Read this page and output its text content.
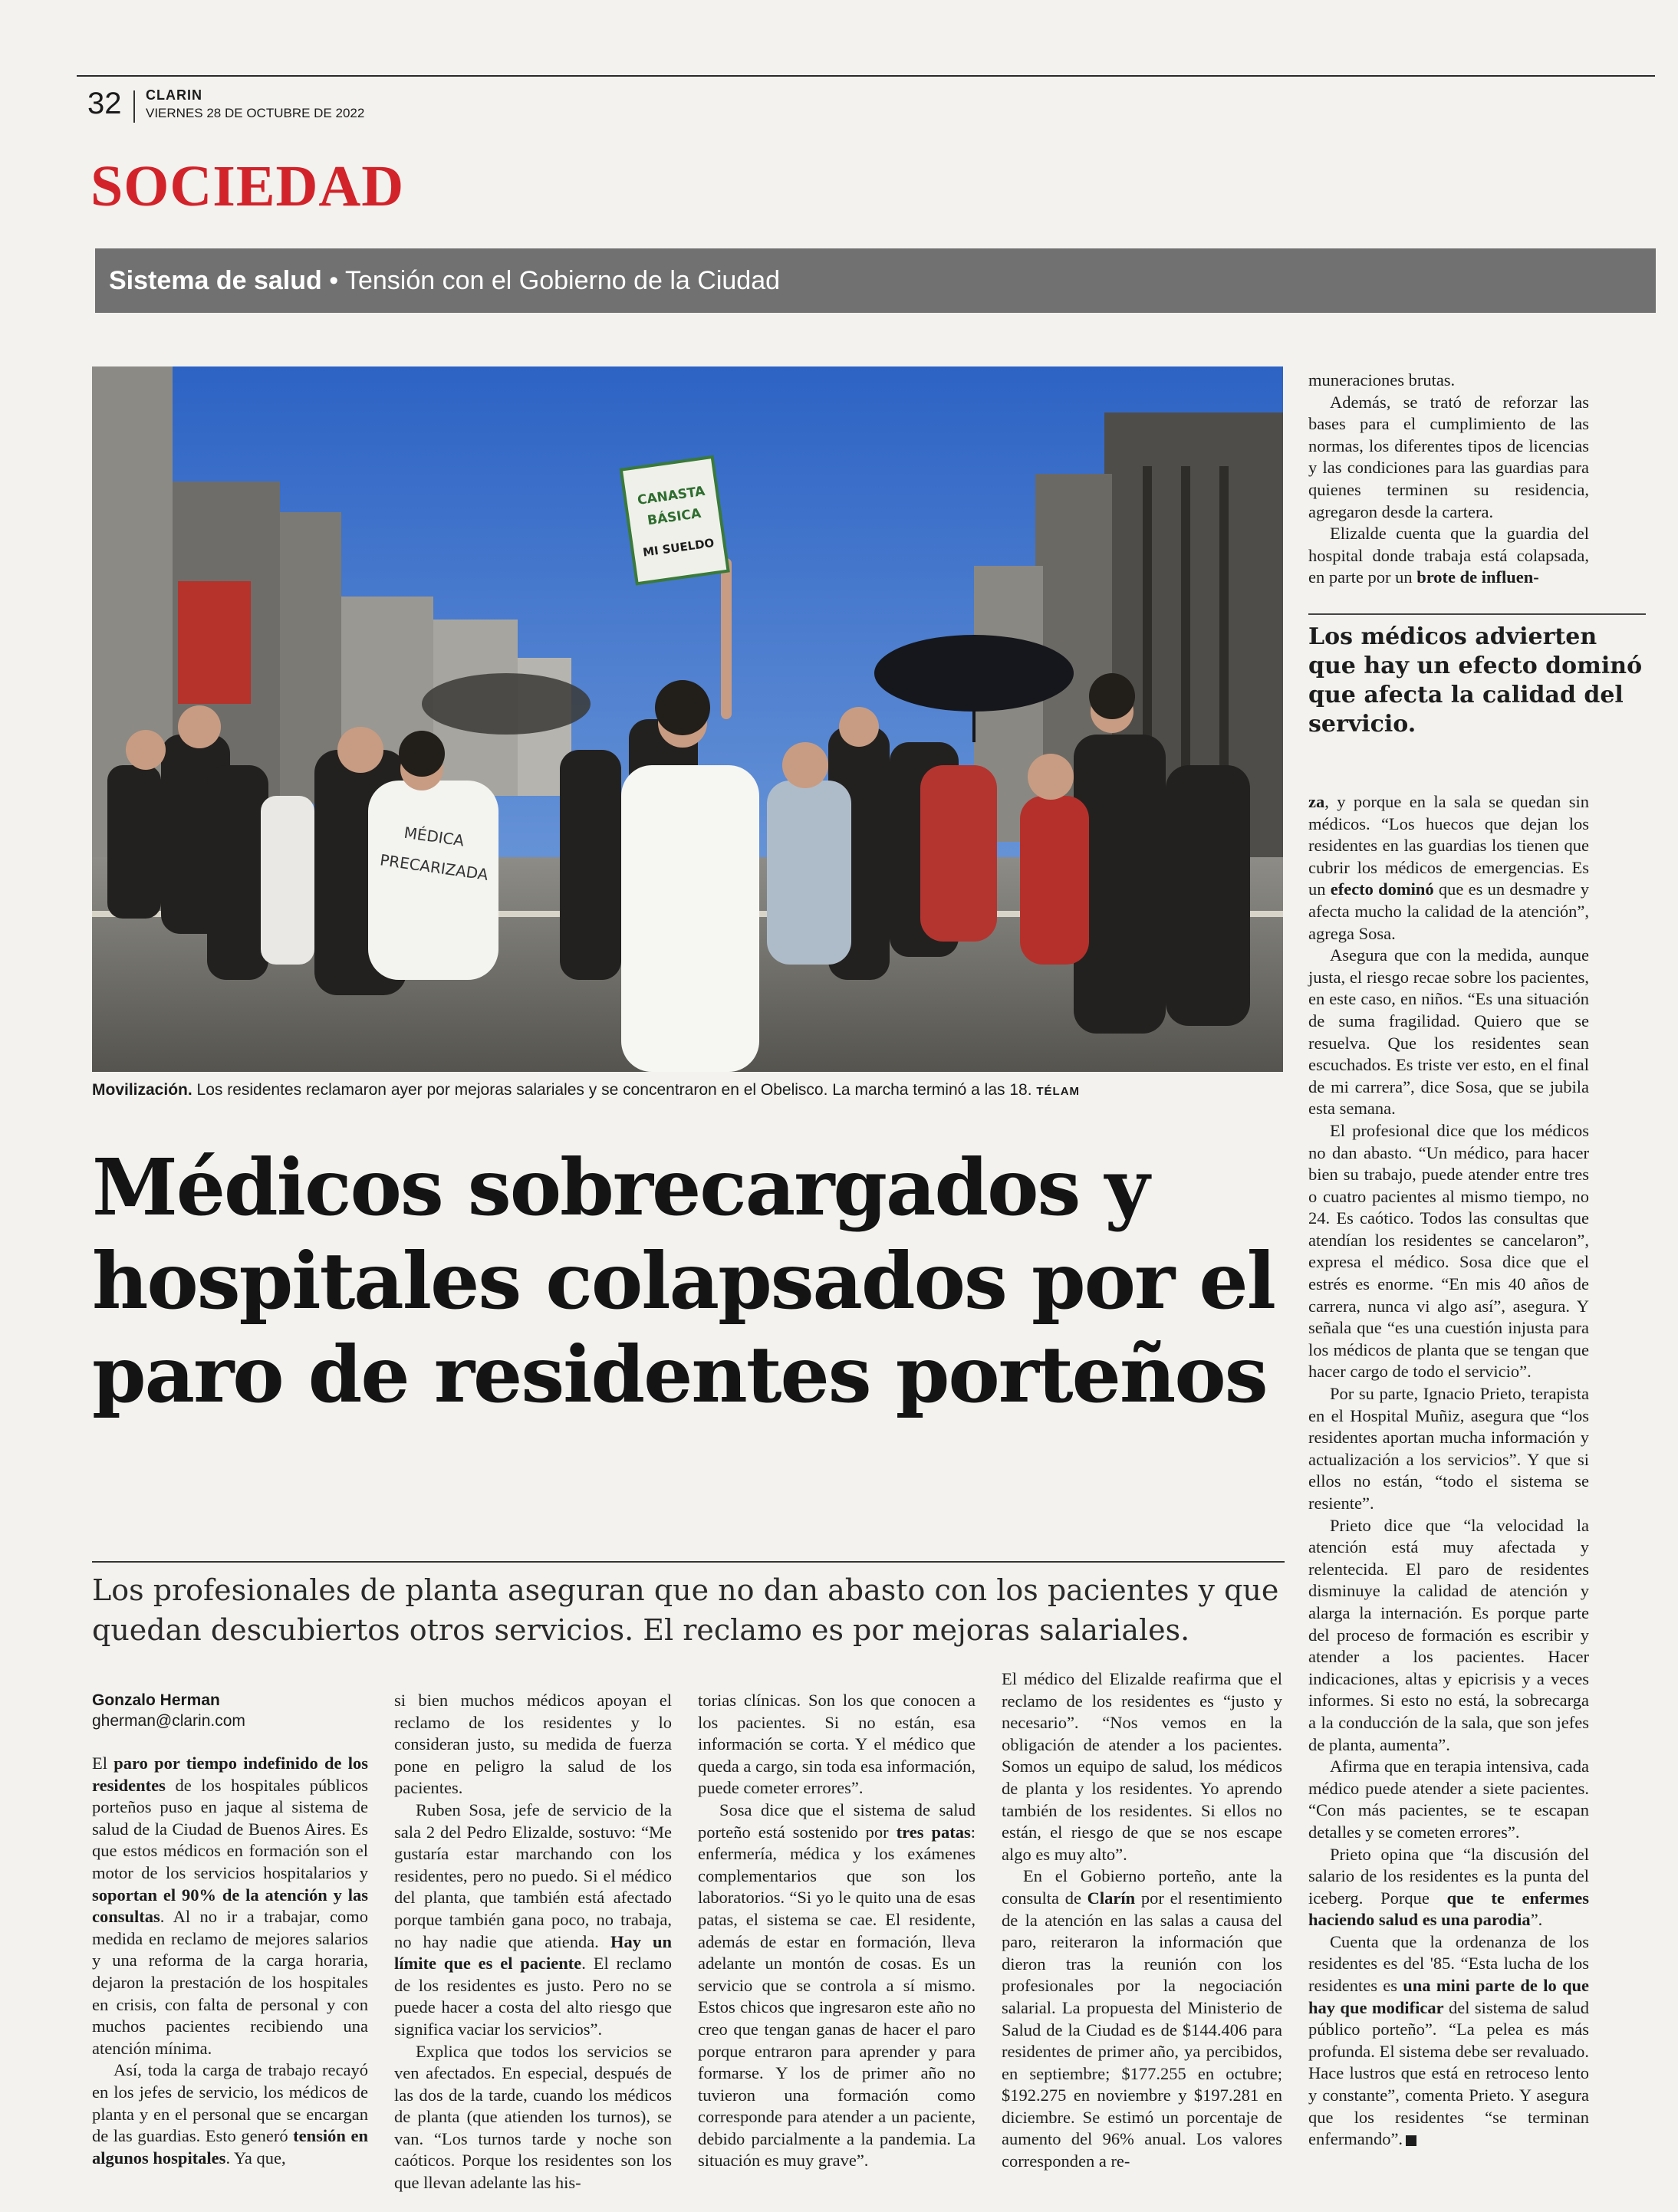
32 CLARIN
VIERNES 28 DE OCTUBRE DE 2022
SOCIEDAD
Sistema de salud • Tensión con el Gobierno de la Ciudad
CANASTA
BÁSICA
MI SUELDO
MÉDICA
PRECARIZADA
Movilización. Los residentes reclamaron ayer por mejoras salariales y se concentraron en el Obelisco. La marcha terminó a las 18. TÉLAM
Médicos sobrecargados y hospitales colapsados por el paro de residentes porteños
Los profesionales de planta aseguran que no dan abasto con los pacientes y que quedan descubiertos otros servicios. El reclamo es por mejoras salariales.
Gonzalo Herman
gherman@clarin.com

El paro por tiempo indefinido de los residentes de los hospitales públicos porteños puso en jaque al sistema de salud de la Ciudad de Buenos Aires. Es que estos médicos en formación son el motor de los servicios hospitalarios y soportan el 90% de la atención y las consultas. Al no ir a trabajar, como medida en reclamo de mejores salarios y una reforma de la carga horaria, dejaron la prestación de los hospitales en crisis, con falta de personal y con muchos pacientes recibiendo una atención mínima.

Así, toda la carga de trabajo recayó en los jefes de servicio, los médicos de planta y en el personal que se encargan de las guardias. Esto generó tensión en algunos hospitales. Ya que,

si bien muchos médicos apoyan el reclamo de los residentes y lo consideran justo, su medida de fuerza pone en peligro la salud de los pacientes.

Ruben Sosa, jefe de servicio de la sala 2 del Pedro Elizalde, sostuvo: “Me gustaría estar marchando con los residentes, pero no puedo. Si el médico del planta, que también está afectado porque también gana poco, no trabaja, no hay nadie que atienda. Hay un límite que es el paciente. El reclamo de los residentes es justo. Pero no se puede hacer a costa del alto riesgo que significa vaciar los servicios”.

Explica que todos los servicios se ven afectados. En especial, después de las dos de la tarde, cuando los médicos de planta (que atienden los turnos), se van. “Los turnos tarde y noche son caóticos. Porque los residentes son los que llevan adelante las his-

torias clínicas. Son los que conocen a los pacientes. Si no están, esa información se corta. Y el médico que queda a cargo, sin toda esa información, puede cometer errores”.

Sosa dice que el sistema de salud porteño está sostenido por tres patas: enfermería, médica y los exámenes complementarios que son los laboratorios. “Si yo le quito una de esas patas, el sistema se cae. El residente, además de estar en formación, lleva adelante un montón de cosas. Es un servicio que se controla a sí mismo. Estos chicos que ingresaron este año no creo que tengan ganas de hacer el paro porque entraron para aprender y para formarse. Y los de primer año no tuvieron una formación como corresponde para atender a un paciente, debido parcialmente a la pandemia. La situación es muy grave”.

El médico del Elizalde reafirma que el reclamo de los residentes es “justo y necesario”. “Nos vemos en la obligación de atender a los pacientes. Somos un equipo de salud, los médicos de planta y los residentes. Yo aprendo también de los residentes. Si ellos no están, el riesgo de que se nos escape algo es muy alto”.

En el Gobierno porteño, ante la consulta de Clarín por el resentimiento de la atención en las salas a causa del paro, reiteraron la información que dieron tras la reunión con los profesionales por la negociación salarial. La propuesta del Ministerio de Salud de la Ciudad es de $144.406 para residentes de primer año, ya percibidos, en septiembre; $177.255 en octubre; $192.275 en noviembre y $197.281 en diciembre. Se estimó un porcentaje de aumento del 96% anual. Los valores corresponden a re-

muneraciones brutas.

Además, se trató de reforzar las bases para el cumplimiento de las normas, los diferentes tipos de licencias y las condiciones para las guardias para quienes terminen su residencia, agregaron desde la cartera.

Elizalde cuenta que la guardia del hospital donde trabaja está colapsada, en parte por un brote de influen-

Los médicos advierten que hay un efecto dominó que afecta la calidad del servicio.

za, y porque en la sala se quedan sin médicos. “Los huecos que dejan los residentes en las guardias los tienen que cubrir los médicos de emergencias. Es un efecto dominó que es un desmadre y afecta mucho la calidad de la atención”, agrega Sosa.

Asegura que con la medida, aunque justa, el riesgo recae sobre los pacientes, en este caso, en niños. “Es una situación de suma fragilidad. Quiero que se resuelva. Que los residentes sean escuchados. Es triste ver esto, en el final de mi carrera”, dice Sosa, que se jubila esta semana.

El profesional dice que los médicos no dan abasto. “Un médico, para hacer bien su trabajo, puede atender entre tres o cuatro pacientes al mismo tiempo, no 24. Es caótico. Todos las consultas que atendían los residentes se cancelaron”, expresa el médico. Sosa dice que el estrés es enorme. “En mis 40 años de carrera, nunca vi algo así”, asegura. Y señala que “es una cuestión injusta para los médicos de planta que se tengan que hacer cargo de todo el servicio”.

Por su parte, Ignacio Prieto, terapista en el Hospital Muñiz, asegura que “los residentes aportan mucha información y actualización a los servicios”. Y que si ellos no están, “todo el sistema se resiente”.

Prieto dice que “la velocidad la atención está muy afectada y relentecida. El paro de residentes disminuye la calidad de atención y alarga la internación. Es porque parte del proceso de formación es escribir y atender a los pacientes. Hacer indicaciones, altas y epicrisis y a veces informes. Si esto no está, la sobrecarga a la conducción de la sala, que son jefes de planta, aumenta”.

Afirma que en terapia intensiva, cada médico puede atender a siete pacientes. “Con más pacientes, se te escapan detalles y se cometen errores”.

Prieto opina que “la discusión del salario de los residentes es la punta del iceberg. Porque que te enfermes haciendo salud es una parodia”.

Cuenta que la ordenanza de los residentes es del '85. “Esta lucha de los residentes es una mini parte de lo que hay que modificar del sistema de salud público porteño”. “La pelea es más profunda. El sistema debe ser revaluado. Hace lustros que está en retroceso lento y constante”, comenta Prieto. Y asegura que los residentes “se terminan enfermando”.
